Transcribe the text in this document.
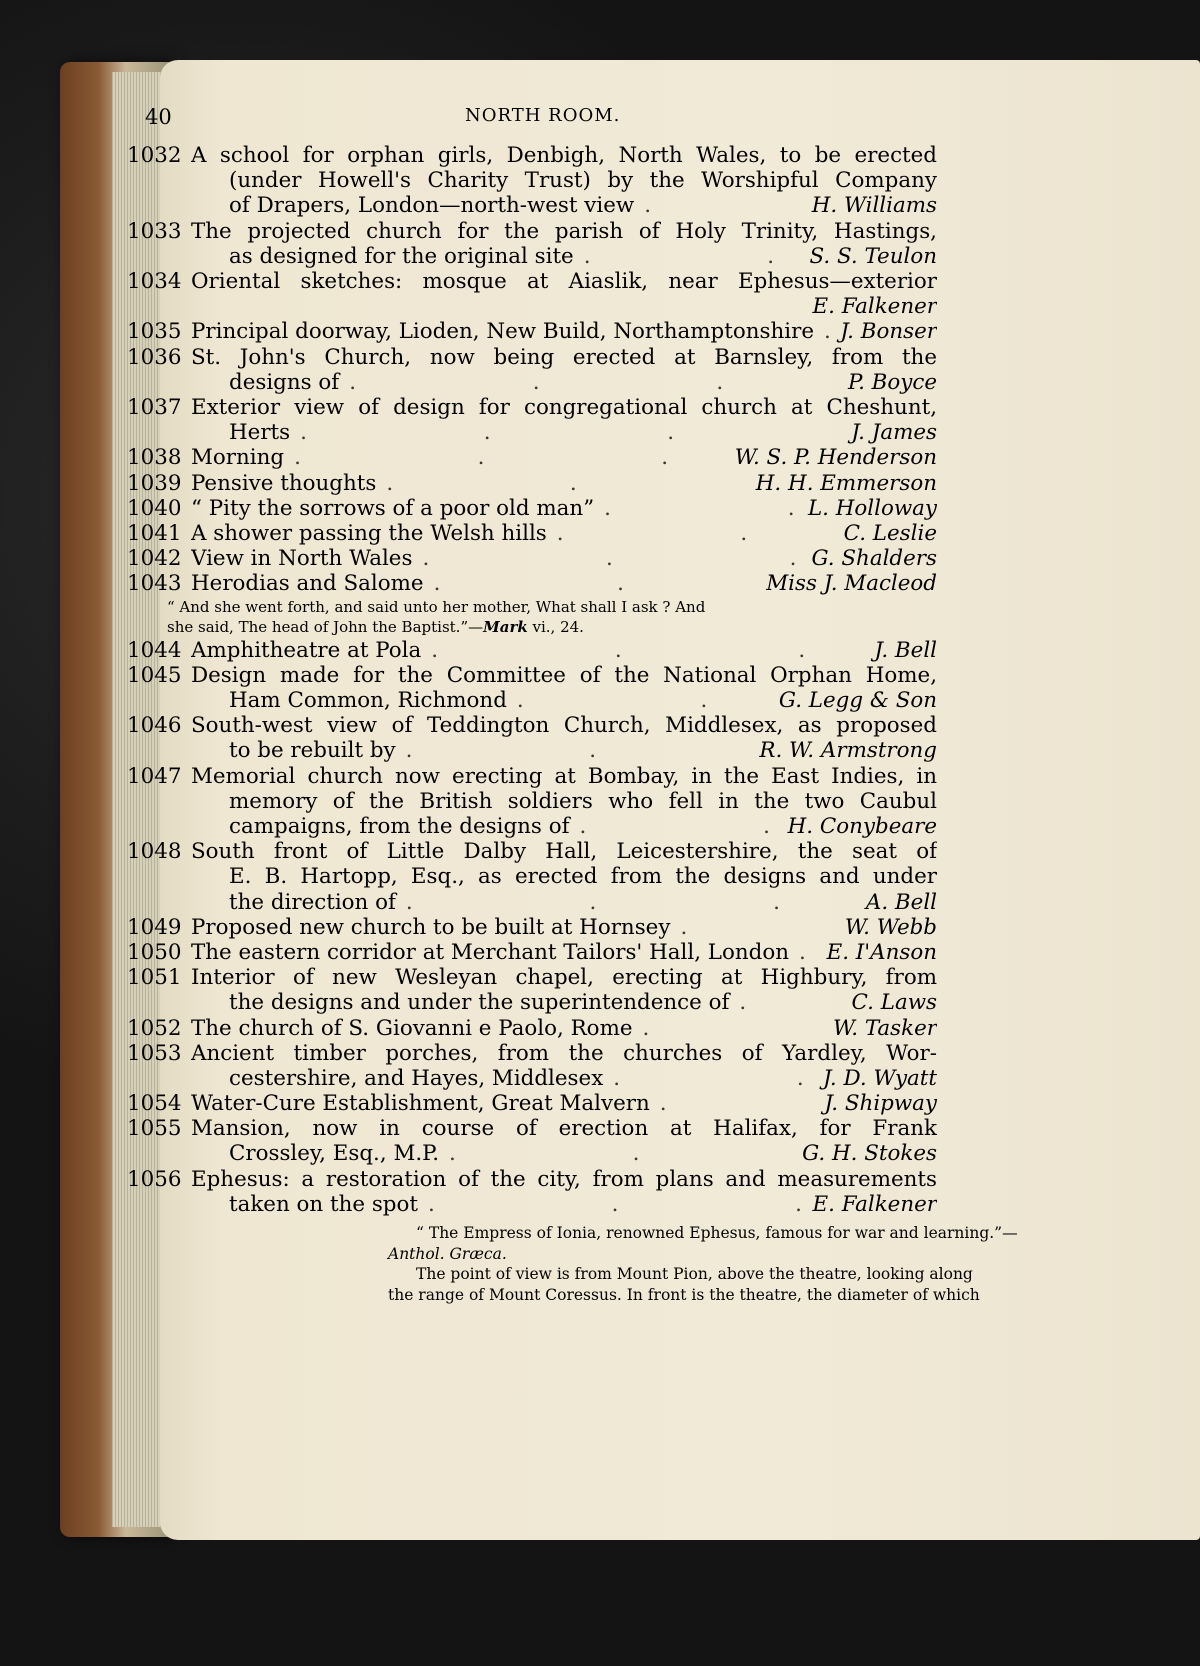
40	NORTH ROOM.
1032 A school for orphan girls, Denbigh, North Wales, to be erected
(under Howell's Charity Trust) by the Worshipful Company
of Drapers, London—north-west view .	H. Williams
1033 The projected church for the parish of Holy Trinity, Hastings,
as designed for the original site .	S. S. Teulon
1034 Oriental sketches: mosque at Aiaslik, near Ephesus—exterior
E. Falkener
1035 Principal doorway, Lioden, New Build, Northamptonshire . J. Bonser
1036 St. John's Church, now being erected at Barnsley, from the
designs of .	P. Boyce
1037 Exterior view of design for congregational church at Cheshunt,
Herts .	J. James
1038 Morning .	W. S. P. Henderson
1039 Pensive thoughts .	H. H. Emmerson
1040 “ Pity the sorrows of a poor old man” .	L. Holloway
1041 A shower passing the Welsh hills .	C. Leslie
1042 View in North Wales .	G. Shalders
1043 Herodias and Salome .	Miss J. Macleod
“ And she went forth, and said unto her mother, What shall I ask ? And
she said, The head of John the Baptist.”—Mark vi., 24.
1044 Amphitheatre at Pola .	J. Bell
1045 Design made for the Committee of the National Orphan Home,
Ham Common, Richmond .	G. Legg & Son
1046 South-west view of Teddington Church, Middlesex, as proposed
to be rebuilt by .	R. W. Armstrong
1047 Memorial church now erecting at Bombay, in the East Indies, in
memory of the British soldiers who fell in the two Caubul
campaigns, from the designs of .	H. Conybeare
1048 South front of Little Dalby Hall, Leicestershire, the seat of
E. B. Hartopp, Esq., as erected from the designs and under
the direction of .	A. Bell
1049 Proposed new church to be built at Hornsey .	W. Webb
1050 The eastern corridor at Merchant Tailors' Hall, London . E. I'Anson
1051 Interior of new Wesleyan chapel, erecting at Highbury, from
the designs and under the superintendence of .	C. Laws
1052 The church of S. Giovanni e Paolo, Rome .	W. Tasker
1053 Ancient timber porches, from the churches of Yardley, Wor-
cestershire, and Hayes, Middlesex .	J. D. Wyatt
1054 Water-Cure Establishment, Great Malvern .	J. Shipway
1055 Mansion, now in course of erection at Halifax, for Frank
Crossley, Esq., M.P. .	G. H. Stokes
1056 Ephesus: a restoration of the city, from plans and measurements
taken on the spot .	E. Falkener

“ The Empress of Ionia, renowned Ephesus, famous for war and learning.”—

Anthol. Græca.

The point of view is from Mount Pion, above the theatre, looking along

the range of Mount Coressus. In front is the theatre, the diameter of which
